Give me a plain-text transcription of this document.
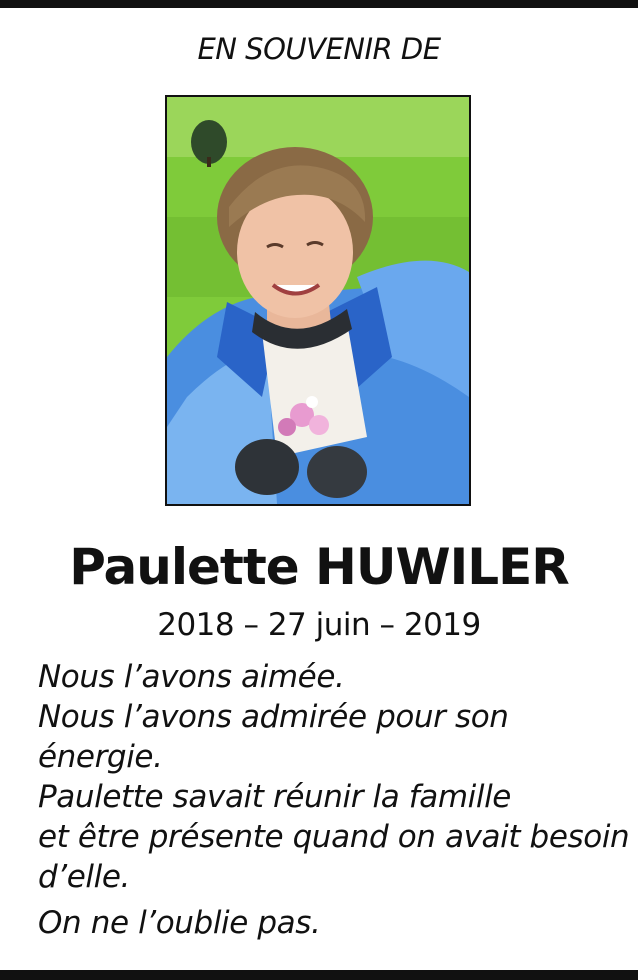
EN SOUVENIR DE
Paulette HUWILER
2018 – 27 juin – 2019
Nous l’avons aimée.
Nous l’avons admirée pour son
énergie.
Paulette savait réunir la famille
et être présente quand on avait besoin
d’elle.
On ne l’oublie pas.
